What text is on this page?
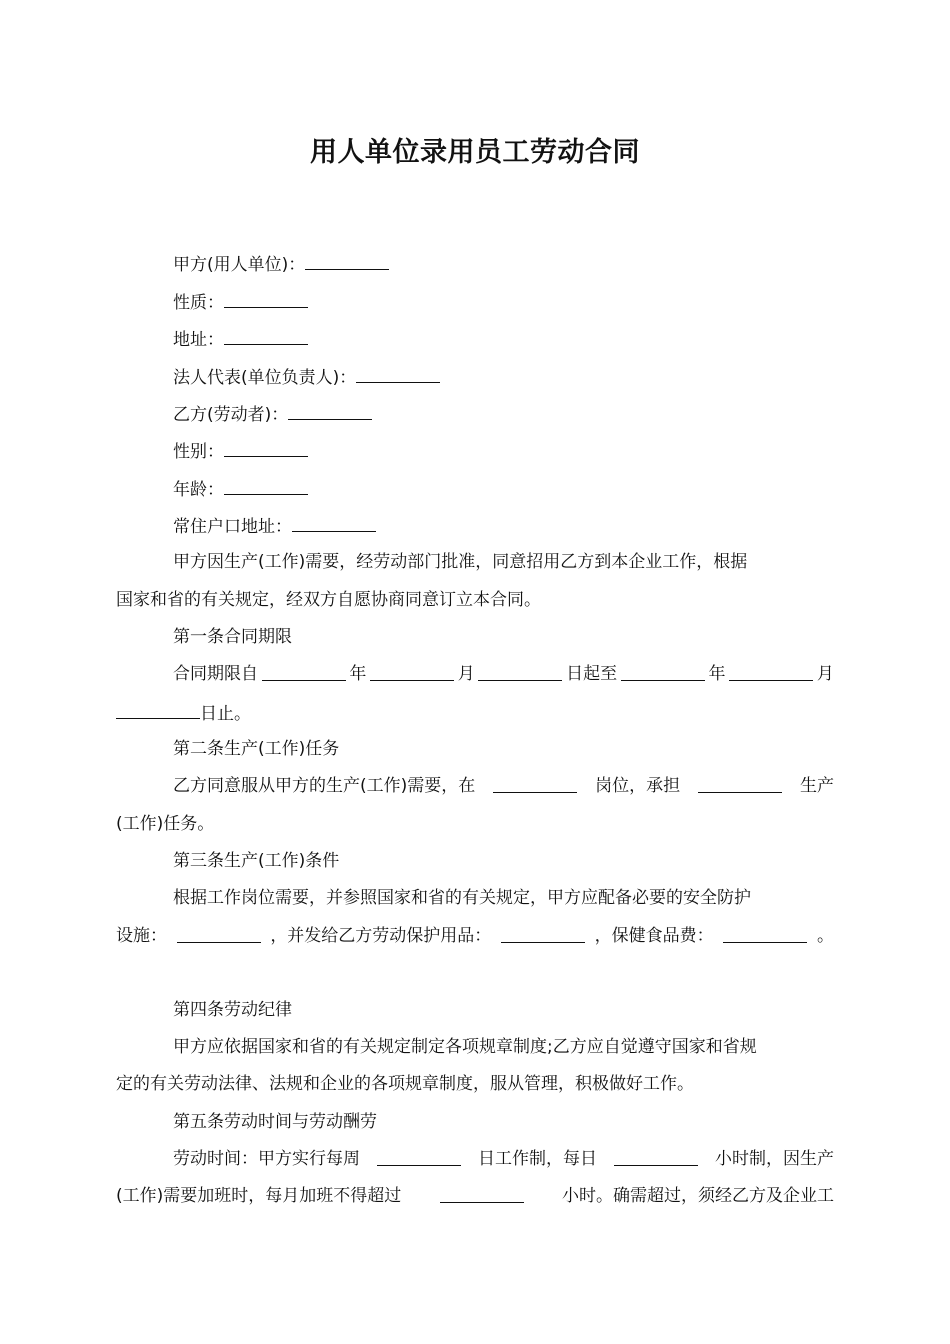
用人单位录用员工劳动合同
甲方(用人单位)：
性质：
地址：
法人代表(单位负责人)：
乙方(劳动者)：
性别：
年龄：
常住户口地址：
甲方因生产(工作)需要，经劳动部门批准，同意招用乙方到本企业工作，根据
国家和省的有关规定，经双方自愿协商同意订立本合同。
第一条合同期限
合同期限自	年	月	日起至	年	月
日止。
第二条生产(工作)任务
乙方同意服从甲方的生产(工作)需要，在	岗位，承担	生产
(工作)任务。
第三条生产(工作)条件
根据工作岗位需要，并参照国家和省的有关规定，甲方应配备必要的安全防护
设施：	，并发给乙方劳动保护用品：	，保健食品费：	。
第四条劳动纪律
甲方应依据国家和省的有关规定制定各项规章制度;乙方应自觉遵守国家和省规
定的有关劳动法律、法规和企业的各项规章制度，服从管理，积极做好工作。
第五条劳动时间与劳动酬劳
劳动时间：甲方实行每周	日工作制，每日	小时制，因生产
(工作)需要加班时，每月加班不得超过	小时。确需超过，须经乙方及企业工
